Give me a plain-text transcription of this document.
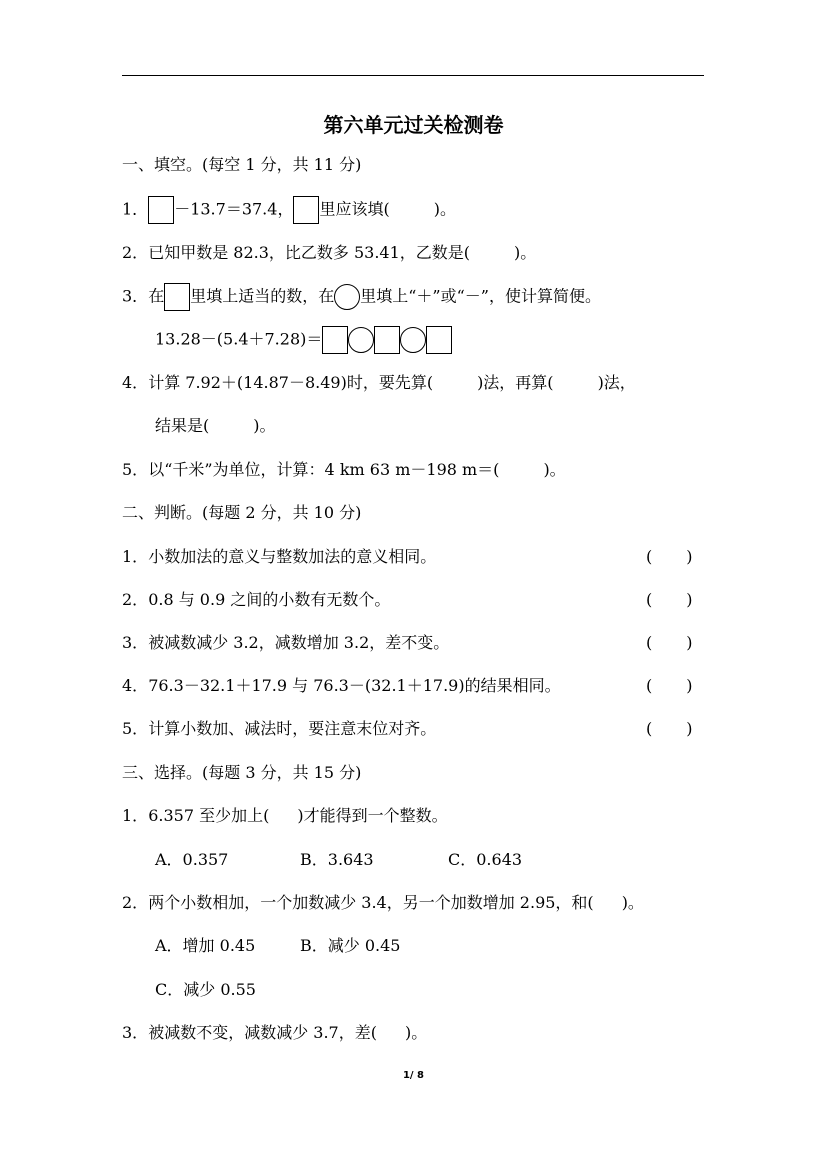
第六单元过关检测卷
一、填空。(每空 1 分，共 11 分)
1． －13.7＝37.4， 里应该填(	)。
2．已知甲数是 82.3，比乙数多 53.41，乙数是(	)。
3．在 里填上适当的数，在 里填上“＋”或“－”，使计算简便。
13.28－(5.4＋7.28)＝
4．计算 7.92＋(14.87－8.49)时，要先算(	)法，再算(	)法，
结果是(	)。
5．以“千米”为单位，计算：4 km 63 m－198 m＝(	)。
二、判断。(每题 2 分，共 10 分)
1．小数加法的意义与整数加法的意义相同。	( )
2．0.8 与 0.9 之间的小数有无数个。	( )
3．被减数减少 3.2，减数增加 3.2，差不变。	( )
4．76.3－32.1＋17.9 与 76.3－(32.1＋17.9)的结果相同。	( )
5．计算小数加、减法时，要注意末位对齐。	( )
三、选择。(每题 3 分，共 15 分)
1．6.357 至少加上( )才能得到一个整数。
A．0.357	B．3.643	C．0.643
2．两个小数相加，一个加数减少 3.4，另一个加数增加 2.95，和( )。
A．增加 0.45	B．减少 0.45
C．减少 0.55
3．被减数不变，减数减少 3.7，差( )。
1/ 8
